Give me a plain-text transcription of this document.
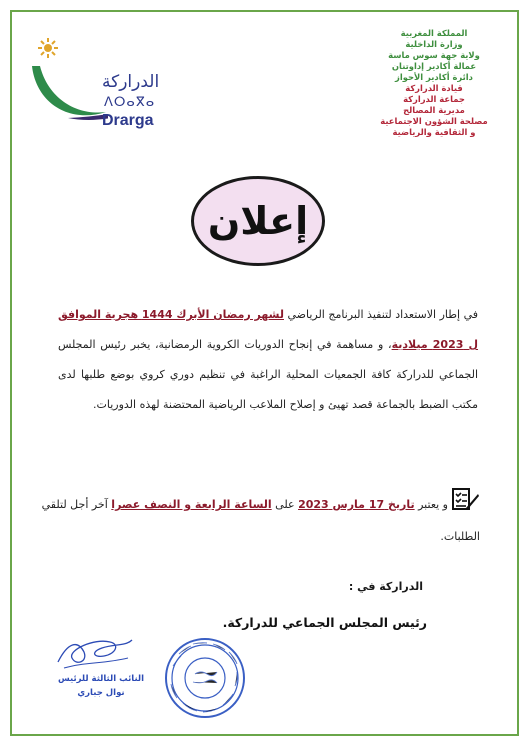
الدراركة
ⴷⵔⴰⴳⴰ
Drarga
المملكة المغربية
وزارة الداخلية
ولاية جهة سوس ماسة
عمالة أكادير إداوتنان
دائرة أكادير الأحواز
قيادة الدراركة
جماعة الدراركة
مديرية المصالح
مصلحة الشؤون الاجتماعية
و الثقافية والرياضية
إعلان
في إطار الاستعداد لتنفيذ البرنامج الرياضي لشهر رمضان الأبرك 1444 هجرية الموافق ل 2023 ميلادية، و مساهمة في إنجاح الدوريات الكروية الرمضانية، يخبر رئيس المجلس الجماعي للدراركة كافة الجمعيات المحلية الراغبة في تنظيم دوري كروي بوضع طلبها لدى مكتب الضبط بالجماعة قصد تهيئ و إصلاح الملاعب الرياضية المحتضنة لهذه الدوريات.
و يعتبر تاريخ 17 مارس 2023 على الساعة الرابعة و النصف عصرا آخر أجل لتلقي الطلبات.
الدراركة في :
رئيس المجلس الجماعي للدراركة.
النائب الثالثة للرئيس
نوال جباري
